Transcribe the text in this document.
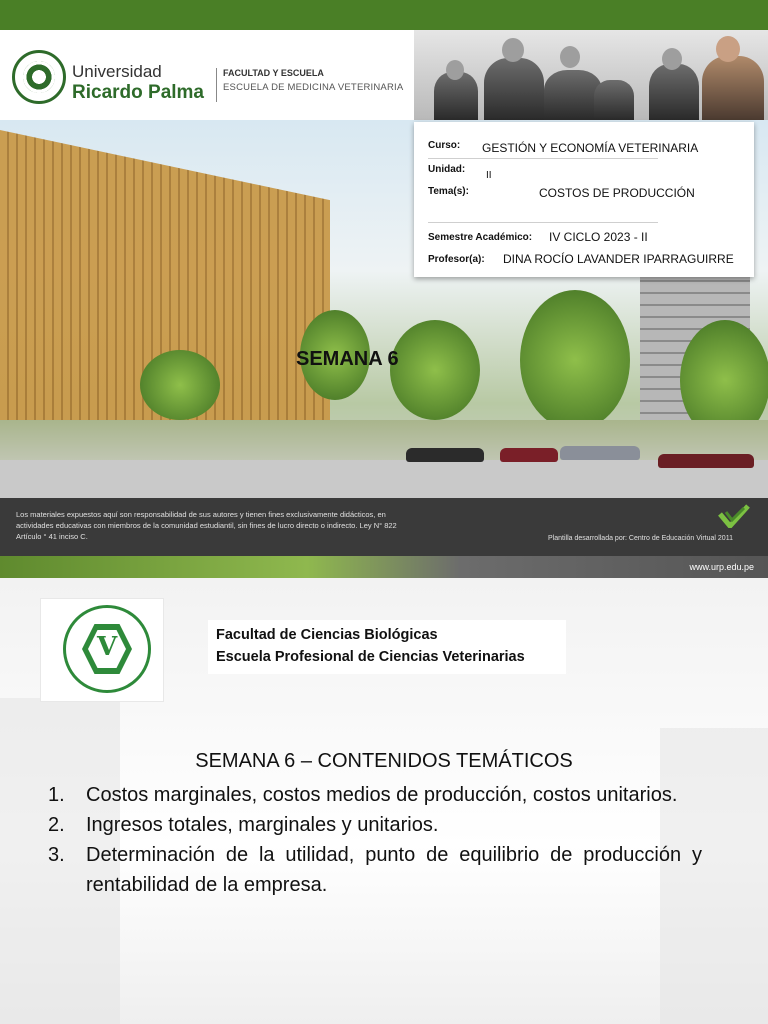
Universidad
Ricardo Palma
FACULTAD Y ESCUELA
ESCUELA DE MEDICINA VETERINARIA
Curso: GESTIÓN Y ECONOMÍA VETERINARIA
Unidad:
II
Tema(s):	COSTOS DE PRODUCCIÓN
Semestre Académico: IV CICLO 2023 - II
Profesor(a): DINA ROCÍO LAVANDER IPARRAGUIRRE
SEMANA 6
Los materiales expuestos aquí son responsabilidad de sus autores y tienen fines exclusivamente didácticos, en actividades educativas con miembros de la comunidad estudiantil, sin fines de lucro directo o indirecto. Ley N° 822 Artículo ° 41 inciso C.	Plantilla desarrollada por: Centro de Educación Virtual 2011
www.urp.edu.pe
V	Facultad de Ciencias Biológicas
Escuela Profesional de Ciencias Veterinarias
SEMANA 6 – CONTENIDOS TEMÁTICOS
1. Costos marginales, costos medios de producción, costos unitarios.
2. Ingresos totales, marginales y unitarios.
3. Determinación de la utilidad, punto de equilibrio de producción y rentabilidad de la empresa.
